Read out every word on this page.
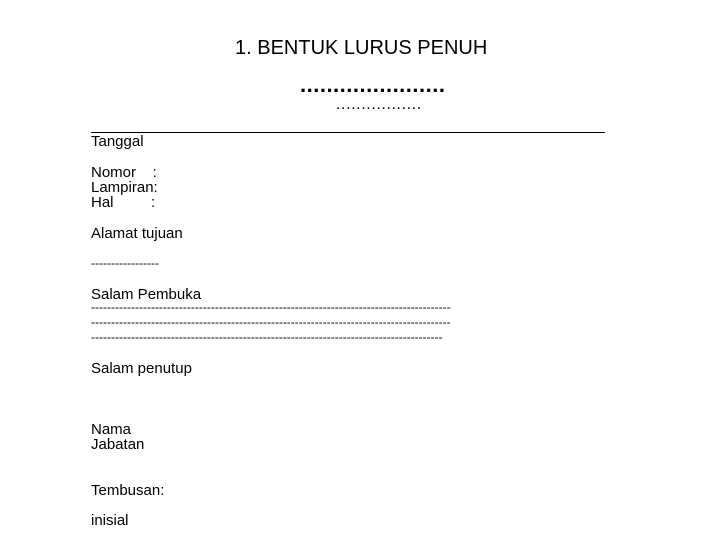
1. BENTUK LURUS PENUH
......................
.................
Tanggal
Nomor    :
Lampiran:
Hal         :
Alamat tujuan
-----------------
Salam Pembuka
------------------------------------------------------------------------------------------
------------------------------------------------------------------------------------------
----------------------------------------------------------------------------------------
Salam penutup
Nama
Jabatan
Tembusan:
inisial
